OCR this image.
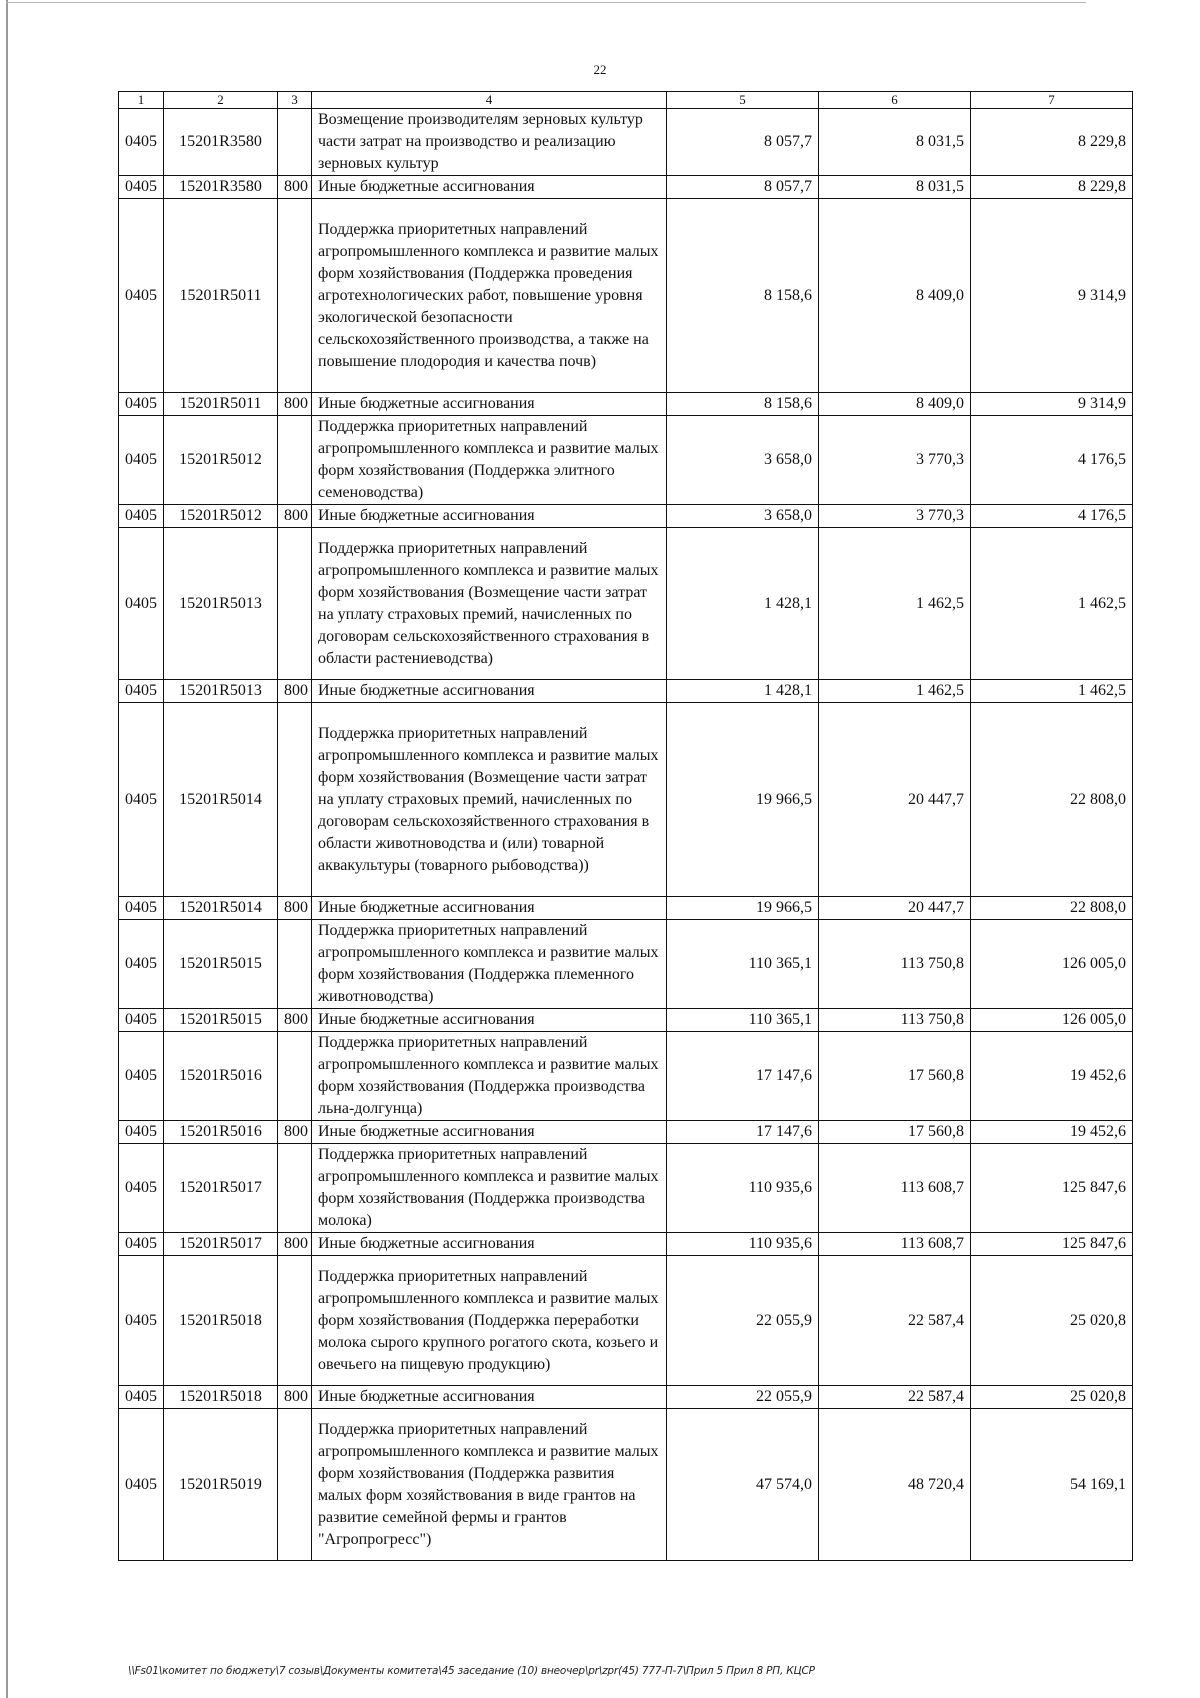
22
1	2	3	4	5	6	7
0405	15201R3580		Возмещение производителям зерновых культур части затрат на производство и реализацию зерновых культур	8 057,7	8 031,5	8 229,8
0405	15201R3580	800	Иные бюджетные ассигнования	8 057,7	8 031,5	8 229,8
0405	15201R5011		Поддержка приоритетных направлений агропромышленного комплекса и развитие малых форм хозяйствования (Поддержка проведения агротехнологических работ, повышение уровня экологической безопасности сельскохозяйственного производства, а также на повышение плодородия и качества почв)	8 158,6	8 409,0	9 314,9
0405	15201R5011	800	Иные бюджетные ассигнования	8 158,6	8 409,0	9 314,9
0405	15201R5012		Поддержка приоритетных направлений агропромышленного комплекса и развитие малых форм хозяйствования (Поддержка элитного семеноводства)	3 658,0	3 770,3	4 176,5
0405	15201R5012	800	Иные бюджетные ассигнования	3 658,0	3 770,3	4 176,5
0405	15201R5013		Поддержка приоритетных направлений агропромышленного комплекса и развитие малых форм хозяйствования (Возмещение части затрат на уплату страховых премий, начисленных по договорам сельскохозяйственного страхования в области растениеводства)	1 428,1	1 462,5	1 462,5
0405	15201R5013	800	Иные бюджетные ассигнования	1 428,1	1 462,5	1 462,5
0405	15201R5014		Поддержка приоритетных направлений агропромышленного комплекса и развитие малых форм хозяйствования (Возмещение части затрат на уплату страховых премий, начисленных по договорам сельскохозяйственного страхования в области животноводства и (или) товарной аквакультуры (товарного рыбоводства))	19 966,5	20 447,7	22 808,0
0405	15201R5014	800	Иные бюджетные ассигнования	19 966,5	20 447,7	22 808,0
0405	15201R5015		Поддержка приоритетных направлений агропромышленного комплекса и развитие малых форм хозяйствования (Поддержка племенного животноводства)	110 365,1	113 750,8	126 005,0
0405	15201R5015	800	Иные бюджетные ассигнования	110 365,1	113 750,8	126 005,0
0405	15201R5016		Поддержка приоритетных направлений агропромышленного комплекса и развитие малых форм хозяйствования (Поддержка производства льна-долгунца)	17 147,6	17 560,8	19 452,6
0405	15201R5016	800	Иные бюджетные ассигнования	17 147,6	17 560,8	19 452,6
0405	15201R5017		Поддержка приоритетных направлений агропромышленного комплекса и развитие малых форм хозяйствования (Поддержка производства молока)	110 935,6	113 608,7	125 847,6
0405	15201R5017	800	Иные бюджетные ассигнования	110 935,6	113 608,7	125 847,6
0405	15201R5018		Поддержка приоритетных направлений агропромышленного комплекса и развитие малых форм хозяйствования (Поддержка переработки молока сырого крупного рогатого скота, козьего и овечьего на пищевую продукцию)	22 055,9	22 587,4	25 020,8
0405	15201R5018	800	Иные бюджетные ассигнования	22 055,9	22 587,4	25 020,8
0405	15201R5019		Поддержка приоритетных направлений агропромышленного комплекса и развитие малых форм хозяйствования (Поддержка развития малых форм хозяйствования в виде грантов на развитие семейной фермы и грантов "Агропрогресс")	47 574,0	48 720,4	54 169,1
\\Fs01\комитет по бюджету\7 созыв\Документы комитета\45 заседание (10) внеочер\pr\zpr(45) 777-П-7\Прил 5 Прил 8 РП, КЦСР
